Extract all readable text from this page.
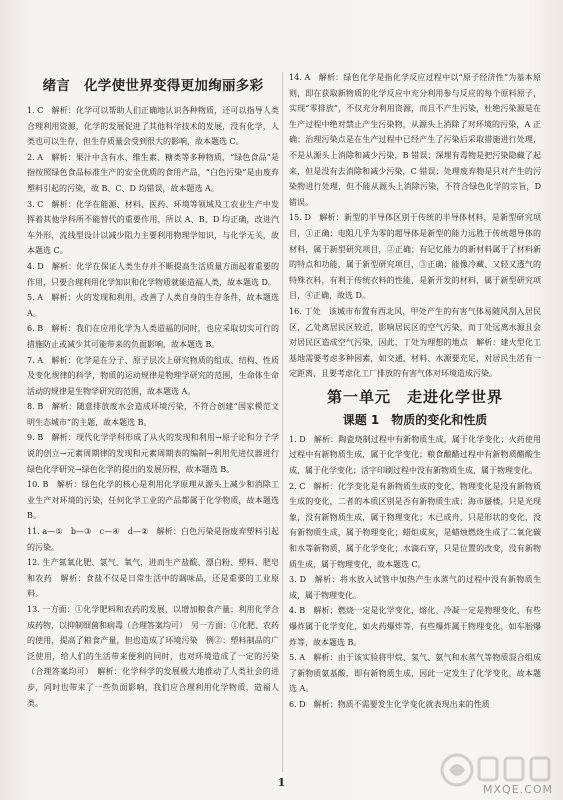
绪言　化学使世界变得更加绚丽多彩

1. C　解析：化学可以帮助人们正确地认识各种物质，还可以指导人类合理利用资源，化学的发展促进了其他科学技术的发展，没有化学，人类也可以生存，但生存质量会受到很大的影响，故本题选 C。

2. A　解析：果汁中含有水、维生素、糖类等多种物质，“绿色食品”是指按照绿色食品标准生产的安全优质的食用产品，“白色污染”是由废弃塑料引起的污染，故 B、C、D 均错误，故本题选 A。

3. C　解析：化学在能源、材料、医药、环境等领域及工农业生产中发挥着其他学科所不能替代的重要作用，所以 A、B、D 均正确，改进汽车外形，流线型设计以减少阻力主要利用物理学知识，与化学无关，故本题选 C。

4. D　解析：化学在保证人类生存并不断提高生活质量方面起着重要的作用，只要合理利用化学知识和化学物质就能造福人类，故本题选 D。

5. A　解析：火的发现和利用，改善了人类自身的生存条件，故本题选 A。

6. B　解析：我们在应用化学为人类造福的同时，也应采取切实可行的措施防止或减少其可能带来的负面影响，故本题选 B。

7. A　解析：化学是在分子、原子层次上研究物质的组成、结构、性质及变化规律的科学，物质的运动规律是物理学研究的范围，生命体生命活动的规律是生物学研究的范围，故本题选 A。

8. B　解析：随意排放废水会造成环境污染，不符合创建“国家模范文明生态城市”的主题，故本题选 B。

9. B　解析：现代化学学科形成了从火的发现和利用→原子论和分子学说的创立→元素周期律的发现和元素周期表的编制→利用先进仪器进行绿色化学研究→绿色化学的提出的发展历程，故本题选 B。

10. B　解析：绿色化学的核心是利用化学原理从源头上减少和消除工业生产对环境的污染，任何化学工业的产品都属于化学物质，故本题选 B。

11. a—①　b—③　c—④　d—②　解析：白色污染是指废弃塑料引起的污染。

12. 生产氮氧化肥、氯气、氧气，进而生产盐酸、漂白粉、塑料、肥皂和农药　解析：食盐不仅是日常生活中的调味品，还是重要的工业原料。

13. 一方面：①化学肥料和农药的发展，以增加粮食产量；利用化学合成药物，以抑制细菌和病毒（合理答案均可）　另一方面：①化肥、农药的使用，提高了粮食产量，但也造成了环境污染　例②：塑料制品的广泛使用，给人们的生活带来便利的同时，也对环境造成了一定的污染（合理答案均可）　解析：化学科学的发展极大地推动了人类社会的进步，同时也带来了一些负面影响，我们应合理利用化学物质，造福人类。

14. A　解析：绿色化学是指化学反应过程中以“原子经济性”为基本原则，即在获取新物质的化学反应中充分利用参与反应的每个原料原子，实现“零排放”，不仅充分利用资源，而且不产生污染，杜绝污染源是在生产过程中绝对禁止产生污染物，从源头上消除了对环境的污染，A 正确；治理污染点是在生产过程中已经产生了污染后采取措施进行处理，不是从源头上消除和减少污染，B 错误；深埋有毒物是把污染隐藏了起来，但是没有去消除和减少污染，C 错误；处理废弃物是只对产生的污染物进行处理，但不能从源头上消除污染，不符合绿色化学的宗旨，D 错误。

15. D　解析：新型的半导体区别于传统的半导体材料，是新型研究项目，①正确；电阻几乎为零的超导体是新型的能力远胜于传统超导体的材料，属于新型研究项目，②正确；有记忆能力的新材料属于了材料新的特点和功能，属于新型研究项目，③正确；能像冷藏、又轻又透气的特殊衣料，有利于传统衣料的性能，是新开发的材料，属于新型研究项目，④正确，故选 D。

16. 丁处　该城市布置有西北风，甲处产生的有害气体易随风刮入居民区，乙处离居民区较近，影响居民区的空气污染，而丁处远离水源且会对居民区造成空气污染，因此，丁处为理想的地点　解析：建火型化工基地需要考虑多种因素，如交通、材料、水源要充足，对居民生活有一定距离，且要考虑化工厂排放的有害气体对环境造成污染。

第一单元　走进化学世界
课题 1　物质的变化和性质

1. D　解析：陶瓷烧制过程中有新物质生成，属于化学变化；火药使用过程中有新物质生成，属于化学变化；粮食酿醋过程中有新物质醋酸生成，属于化学变化；活字印刷过程中没有新物质生成，属于物理变化。

2. C　解析：化学变化是有新物质生成的变化，物理变化是没有新物质生成的变化，二者的本质区别是否有新物质生成；海市蜃楼，只是光现象，没有新物质生成，属于物理变化；木已成舟，只是形状的变化，没有新物质生成，属于物理变化；蜡炬成灰，是蜡烛燃烧生成了二氧化碳和水等新物质，属于化学变化；水滴石穿，只是位置的改变，没有新物质生成，属于物理变化，故本题选 C。

3. D　解析：将水放入试管中加热产生水蒸气的过程中没有新物质生成，属于物理变化。

4. B　解析：燃烧一定是化学变化，熔化、冷凝一定是物理变化，有些爆炸属于化学变化，如火药爆炸等，有些爆炸属于物理变化，如车胎爆炸等，故本题选 B。

5. A　解析：由于该实验将甲烷、氢气、氨气和水蒸气等物质混合组成了新物质氨基酸，即有新物质生成，因此一定发生了化学变化，故本题选 A。

6. D　解析：物质不需要发生化学变化就表现出来的性质

1
MXQE.COM
